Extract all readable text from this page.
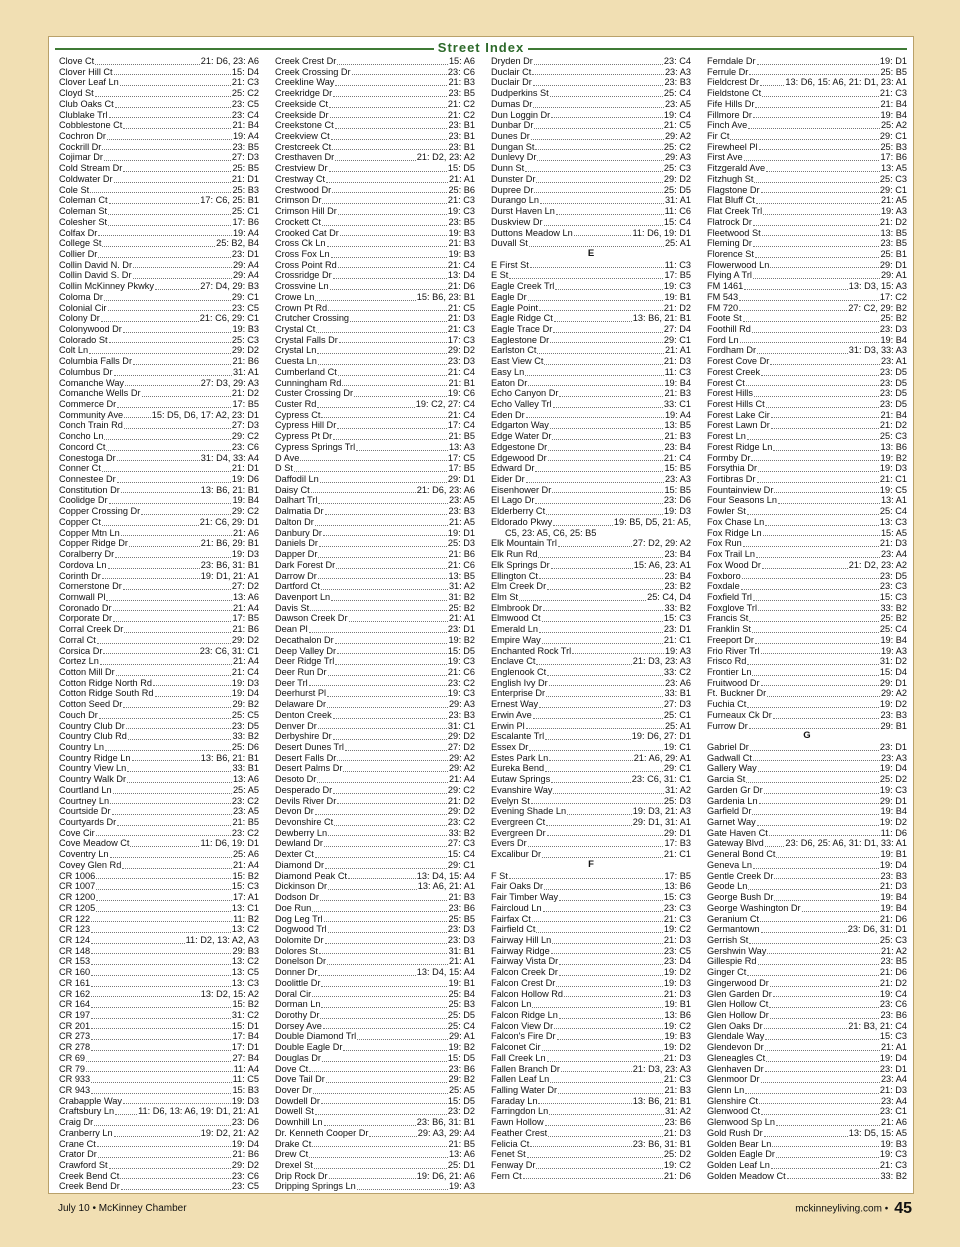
Street Index
Clove Ct	21: D6, 23: A6
Clover Hill Ct	15: D4
Clover Leaf Ln	21: C3
Cloyd St	25: C2
Club Oaks Ct	23: C5
Clublake Trl	23: C4
Cobblestone Ct	21: B4
Cochron Dr	19: A4
Cockrill Dr	23: B5
Cojimar Dr	27: D3
Cold Stream Dr	25: B5
Coldwater Dr	21: D1
Cole St	25: B3
Coleman Ct	17: C6, 25: B1
Coleman St	25: C1
Colesher St	17: B6
Colfax Dr	19: A4
College St	25: B2, B4
Collier Dr	23: D1
Collin David N. Dr	29: A4
Collin David S. Dr	29: A4
Collin McKinney Pkwky	27: D4, 29: B3
Coloma Dr	29: C1
Colonial Cir	23: C5
Colony Dr	21: C6, 29: C1
Colonywood Dr	19: B3
Colorado St	25: C3
Colt Ln	29: D2
Columbia Falls Dr	21: B6
Columbus Dr	31: A1
Comanche Way	27: D3, 29: A3
Comanche Wells Dr	21: D2
Commerce Dr	17: B5
Community Ave	15: D5, D6, 17: A2, 23: D1
Conch Train Rd	27: D3
Concho Ln	29: C2
Concord Ct	23: C6
Conestoga Dr	31: D4, 33: A4
Conner Ct	21: D1
Connestee Dr	19: D6
Constitution Dr	13: B6, 21: B1
Coolidge Dr	19: B4
Copper Crossing Dr	29: C2
Copper Ct	21: C6, 29: D1
Copper Mtn Ln	21: A6
Copper Ridge Dr	21: B6, 29: B1
Coralberry Dr	19: D3
Cordova Ln	23: B6, 31: B1
Corinth Dr	19: D1, 21: A1
Cornerstone Dr	27: D2
Cornwall Pl	13: A6
Coronado Dr	21: A4
Corporate Dr	17: B5
Corral Creek Dr	21: B6
Corral Ct	29: D2
Corsica Dr	23: C6, 31: C1
Cortez Ln	21: A4
Cotton Mill Dr	21: C4
Cotton Ridge North Rd	19: D3
Cotton Ridge South Rd	19: D4
Cotton Seed Dr	29: B2
Couch Dr	25: C5
Country Club Dr	23: D5
Country Club Rd	33: B2
Country Ln	25: D6
Country Ridge Ln	13: B6, 21: B1
Country View Ln	33: B1
Country Walk Dr	13: A6
Courtland Ln	25: A5
Courtney Ln	23: C2
Courtside Dr	23: A5
Courtyards Dr	21: B5
Cove Cir	23: C2
Cove Meadow Ct	11: D6, 19: D1
Coventry Ln	25: A6
Covey Glen Rd	21: A4
CR 1006	15: B2
CR 1007	15: C3
CR 1200	17: A1
CR 1205	13: C1
CR 122	11: B2
CR 123	13: C2
CR 124	11: D2, 13: A2, A3
CR 148	29: B3
CR 153	13: C2
CR 160	13: C5
CR 161	13: C3
CR 162	13: D2, 15: A2
CR 164	15: B2
CR 197	31: C2
CR 201	15: D1
CR 273	17: B4
CR 278	17: D1
CR 69	27: B4
CR 79	11: A4
CR 933	11: C5
CR 943	15: B3
Crabapple Way	19: D3
Craftsbury Ln	11: D6, 13: A6, 19: D1, 21: A1
Craig Dr	23: D6
Cranberry Ln	19: D2, 21: A2
Crane Ct	19: D4
Crator Dr	21: B6
Crawford St	29: D2
Creek Bend Ct	23: C6
Creek Bend Dr	23: C5
Creek Crest Dr	15: A6
Creek Crossing Dr	23: C6
Creekline Way	21: B3
Creekridge Dr	23: B5
Creekside Ct	21: C2
Creekside Dr	21: C2
Creekstone Ct	23: B1
Creekview Ct	23: B1
Crestcreek Ct	23: B1
Cresthaven Dr	21: D2, 23: A2
Crestview Dr	15: D5
Crestway Ct	21: A1
Crestwood Dr	25: B6
Crimson Dr	21: C3
Crimson Hill Dr	19: C3
Crockett Ct	23: B5
Crooked Cat Dr	19: B3
Cross Ck Ln	21: B3
Cross Fox Ln	19: B3
Cross Point Rd	21: C4
Crossridge Dr	13: D4
Crossvine Ln	21: D6
Crowe Ln	15: B6, 23: B1
Crown Pt Rd	21: C5
Crutcher Crossing	21: D3
Crystal Ct	21: C3
Crystal Falls Dr	17: C3
Crystal Ln	29: D2
Cuesta Ln	23: D3
Cumberland Ct	21: C4
Cunningham Rd	21: B1
Custer Crossing Dr	19: C6
Custer Rd	19: C2, 27: C4
Cypress Ct	21: C4
Cypress Hill Dr	17: C4
Cypress Pt Dr	21: B5
Cypress Springs Trl	13: A3
D Ave	17: C5
D St	17: B5
Daffodil Ln	29: D1
Daisy Ct	21: D6, 23: A6
Dalhart Trl	23: A5
Dalmatia Dr	23: B3
Dalton Dr	21: A5
Danbury Dr	19: D1
Daniels Dr	25: D3
Dapper Dr	21: B6
Dark Forest Dr	21: C6
Darrow Dr	13: B5
Dartford Ct	31: A2
Davenport Ln	31: B2
Davis St	25: B2
Dawson Creek Dr	21: A1
Dean Pl	23: D1
Decathalon Dr	19: B2
Deep Valley Dr	15: D5
Deer Ridge Trl	19: C3
Deer Run Dr	21: C6
Deer Trl	23: C2
Deerhurst Pl	19: C3
Delaware Dr	29: A3
Denton Creek	23: B3
Denver Dr	31: C1
Derbyshire Dr	29: D2
Desert Dunes Trl	27: D2
Desert Falls Dr	29: A2
Desert Palms Dr	29: A2
Desoto Dr	21: A4
Desperado Dr	29: C2
Devils River Dr	21: D2
Devon Dr	29: D2
Devonshire Ct	23: C2
Dewberry Ln	33: B2
Dewland Dr	27: C3
Dexter Ct	15: C4
Diamond Dr	29: C1
Diamond Peak Ct	13: D4, 15: A4
Dickinson Dr	13: A6, 21: A1
Dodson Dr	21: B3
Doe Run	23: B6
Dog Leg Trl	25: B5
Dogwood Trl	23: D3
Dolomite Dr	23: D3
Dolores St	31: B1
Donelson Dr	21: A1
Donner Dr	13: D4, 15: A4
Doolittle Dr	19: B1
Doral Cir	25: B4
Dorman Ln	25: B3
Dorothy Dr	25: D5
Dorsey Ave	25: C4
Double Diamond Trl	29: A1
Double Eagle Dr	19: B2
Douglas Dr	15: D5
Dove Ct	23: B6
Dove Tail Dr	29: B2
Dover Dr	25: A5
Dowdell Dr	15: D5
Dowell St	23: D2
Downhill Ln	23: B6, 31: B1
Dr. Kenneth Cooper Dr	29: A3, 29: A4
Drake Ct	21: B5
Drew Ct	13: A6
Drexel St	25: D1
Drip Rock Dr	19: D6, 21: A6
Dripping Springs Ln	19: A3
Dryden Dr	23: C4
Duclair Ct	23: A3
Duclair Dr	23: B3
Dudperkins St	25: C4
Dumas Dr	23: A5
Dun Loggin Dr	19: C4
Dunbar Dr	21: C5
Dunes Dr	29: A2
Dungan St	25: C2
Dunlevy Dr	29: A3
Dunn St	25: C3
Dunster Dr	29: D2
Dupree Dr	25: D5
Durango Ln	31: A1
Durst Haven Ln	11: C6
Duskview Dr	15: C4
Duttons Meadow Ln	11: D6, 19: D1
Duvall St	25: A1
E
E First St	11: C3
E St	17: B5
Eagle Creek Trl	19: C3
Eagle Dr	19: B1
Eagle Point	21: D2
Eagle Ridge Ct	13: B6, 21: B1
Eagle Trace Dr	27: D4
Eaglestone Dr	29: C1
Earlston Ct	21: A1
East View Ct	21: D3
Easy Ln	11: C3
Eaton Dr	19: B4
Echo Canyon Dr	21: B3
Echo Valley Trl	33: C1
Eden Dr	19: A4
Edgarton Way	13: B5
Edge Water Dr	21: B3
Edgestone Dr	23: B4
Edgewood Dr	21: C4
Edward Dr	15: B5
Eider Dr	23: A3
Eisenhower Dr	15: B5
El Lago Dr	23: D6
Elderberry Ct	19: D3
Eldorado Pkwy	19: B5, D5, 21: A5,
C5, 23: A5, C6, 25: B5
Elk Mountain Trl	27: D2, 29: A2
Elk Run Rd	23: B4
Elk Springs Dr	15: A6, 23: A1
Ellington Ct	23: B4
Elm Creek Dr	23: B2
Elm St	25: C4, D4
Elmbrook Dr	33: B2
Elmwood Ct	15: C3
Emerald Ln	23: D1
Empire Way	21: C1
Enchanted Rock Trl	19: A3
Enclave Ct	21: D3, 23: A3
Englenook Ct	33: C2
English Ivy Dr	23: A6
Enterprise Dr	33: B1
Ernest Way	27: D3
Erwin Ave	25: C1
Erwin Pl	25: A1
Escalante Trl	19: D6, 27: D1
Essex Dr	19: C1
Estes Park Ln	21: A6, 29: A1
Eureka Bend	29: C1
Eutaw Springs	23: C6, 31: C1
Evanshire Way	31: A2
Evelyn St	25: D3
Evening Shade Ln	19: D3, 21: A3
Evergreen Ct	29: D1, 31: A1
Evergreen Dr	29: D1
Evers Dr	17: B3
Excalibur Dr	21: C1
F
F St	17: B5
Fair Oaks Dr	13: B6
Fair Timber Way	15: C3
Faircloud Ln	23: C3
Fairfax Ct	21: C3
Fairfield Ct	19: C2
Fairway Hill Ln	21: D3
Fairway Ridge	23: C5
Fairway Vista Dr	23: D4
Falcon Creek Dr	19: D2
Falcon Crest Dr	19: D3
Falcon Hollow Rd	21: D3
Falcon Ln	19: B1
Falcon Ridge Ln	13: B6
Falcon View Dr	19: C2
Falcon's Fire Dr	19: B3
Falconet Cir	19: D2
Fall Creek Ln	21: D3
Fallen Branch Dr	21: D3, 23: A3
Fallen Leaf Ln	21: C3
Falling Water Dr	21: B3
Faraday Ln	13: B6, 21: B1
Farringdon Ln	31: A2
Fawn Hollow	23: B6
Feather Crest	21: D3
Felicia Ct	23: B6, 31: B1
Fenet St	25: D2
Fenway Dr	19: C2
Fern Ct	21: D6
Ferndale Dr	19: D1
Ferrule Dr	25: B5
Fieldcrest Dr	13: D6, 15: A6, 21: D1, 23: A1
Fieldstone Ct	21: C3
Fife Hills Dr	21: B4
Fillmore Dr	19: B4
Finch Ave	25: A2
Fir Ct	29: C1
Firewheel Pl	25: B3
First Ave	17: B6
Fitzgerald Ave	13: A5
Fitzhugh St	25: C3
Flagstone Dr	29: C1
Flat Bluff Ct	21: A5
Flat Creek Trl	19: A3
Flatrock Dr	21: D2
Fleetwood St	13: B5
Fleming Dr	23: B5
Florence St	25: B1
Flowerwood Ln	29: D1
Flying A Trl	29: A1
FM 1461	13: D3, 15: A3
FM 543	17: C2
FM 720	27: C2, 29: B2
Foote St	25: B2
Foothill Rd	23: D3
Ford Ln	19: B4
Fordham Dr	31: D3, 33: A3
Forest Cove Dr	23: A1
Forest Creek	23: D5
Forest Ct	23: D5
Forest Hills	23: D5
Forest Hills Ct	23: D5
Forest Lake Cir	21: B4
Forest Lawn Dr	21: D2
Forest Ln	25: C3
Forest Ridge Ln	13: B6
Formby Dr	19: B2
Forsythia Dr	19: D3
Fortibras Dr	21: C1
Fountainview Dr	19: C5
Four Seasons Ln	13: A1
Fowler St	25: C4
Fox Chase Ln	13: C3
Fox Ridge Ln	15: A5
Fox Run	21: D3
Fox Trail Ln	23: A4
Fox Wood Dr	21: D2, 23: A2
Foxboro	23: D5
Foxdale	23: C3
Foxfield Trl	15: C3
Foxglove Trl	33: B2
Francis St	25: B2
Franklin St	25: C4
Freeport Dr	19: B4
Frio River Trl	19: A3
Frisco Rd	31: D2
Frontier Ln	15: D4
Fruitwood Dr	29: D1
Ft. Buckner Dr	29: A2
Fuchia Ct	19: D2
Furneaux Ck Dr	23: B3
Furrow Dr	29: B1
G
Gabriel Dr	23: D1
Gadwall Ct	23: A3
Gallery Way	19: D4
Garcia St	25: D2
Garden Gr Dr	19: C3
Gardenia Ln	29: D1
Garfield Dr	19: B4
Garnet Way	19: D2
Gate Haven Ct	11: D6
Gateway Blvd 23: D6, 25: A6, 31: D1, 33: A1
General Bond Ct	19: B1
Geneva Ln	19: D4
Gentle Creek Dr	23: B3
Geode Ln	21: D3
George Bush Dr	19: B4
George Washington Dr	19: B4
Geranium Ct	21: D6
Germantown	23: D6, 31: D1
Gerrish St	25: C3
Gershwin Way	21: A2
Gillespie Rd	23: B5
Ginger Ct	21: D6
Gingerwood Dr	21: D2
Glen Garden Dr	19: C4
Glen Hollow Ct	23: C6
Glen Hollow Dr	23: B6
Glen Oaks Dr	21: B3, 21: C4
Glendale Way	15: C3
Glendevon Dr	21: A1
Gleneagles Ct	19: D4
Glenhaven Dr	23: D1
Glenmoor Dr	23: A4
Glenn Ln	21: D3
Glenshire Ct	23: A4
Glenwood Ct	23: C1
Glenwood Sp Ln	21: A6
Gold Rush Dr	13: D5, 15: A5
Golden Bear Ln	19: B3
Golden Eagle Dr	19: C3
Golden Leaf Ln	21: C3
Golden Meadow Ct	33: B2
July 10 • McKinney Chamber	mckinneyliving.com • 45
